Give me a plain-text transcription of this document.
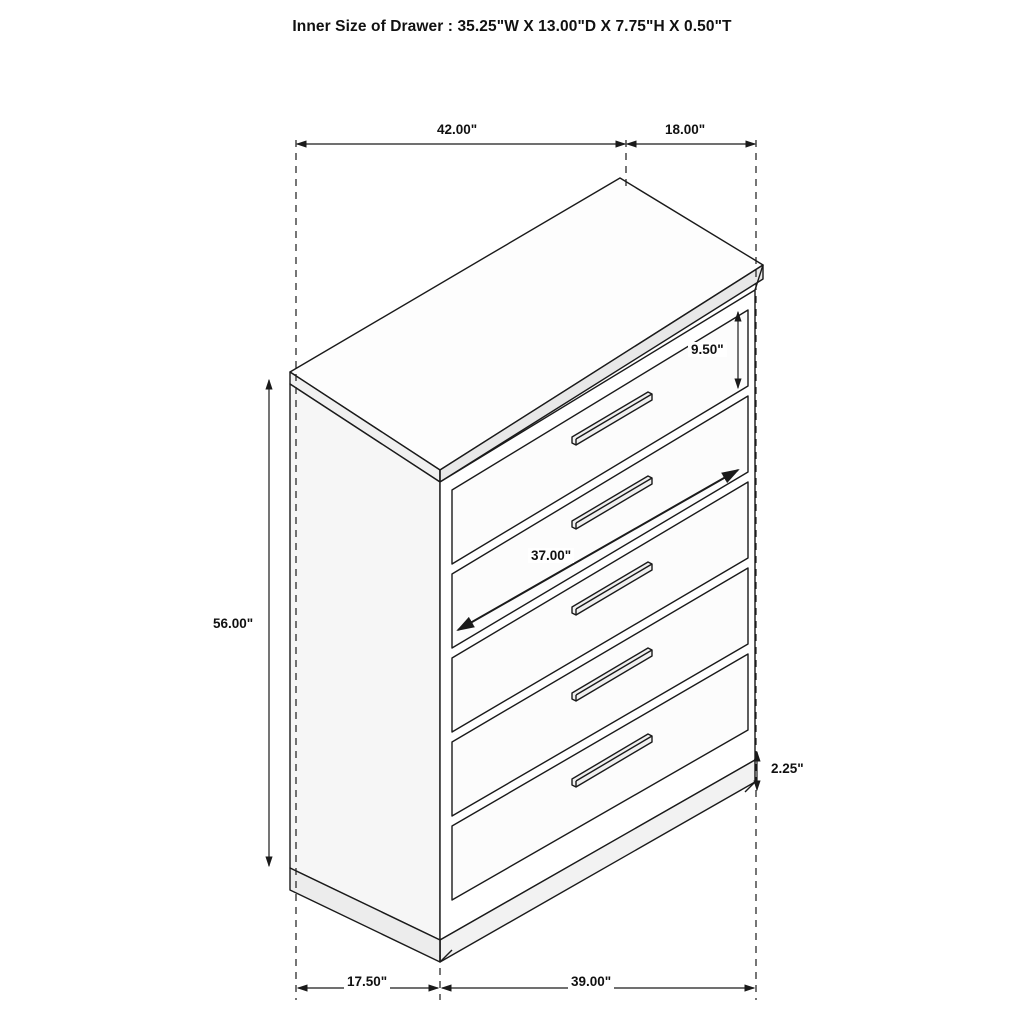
Inner Size of Drawer : 35.25"W X 13.00"D X 7.75"H X 0.50"T
42.00"	18.00"
9.50"
56.00"
37.00"
2.25"
17.50"	39.00"
